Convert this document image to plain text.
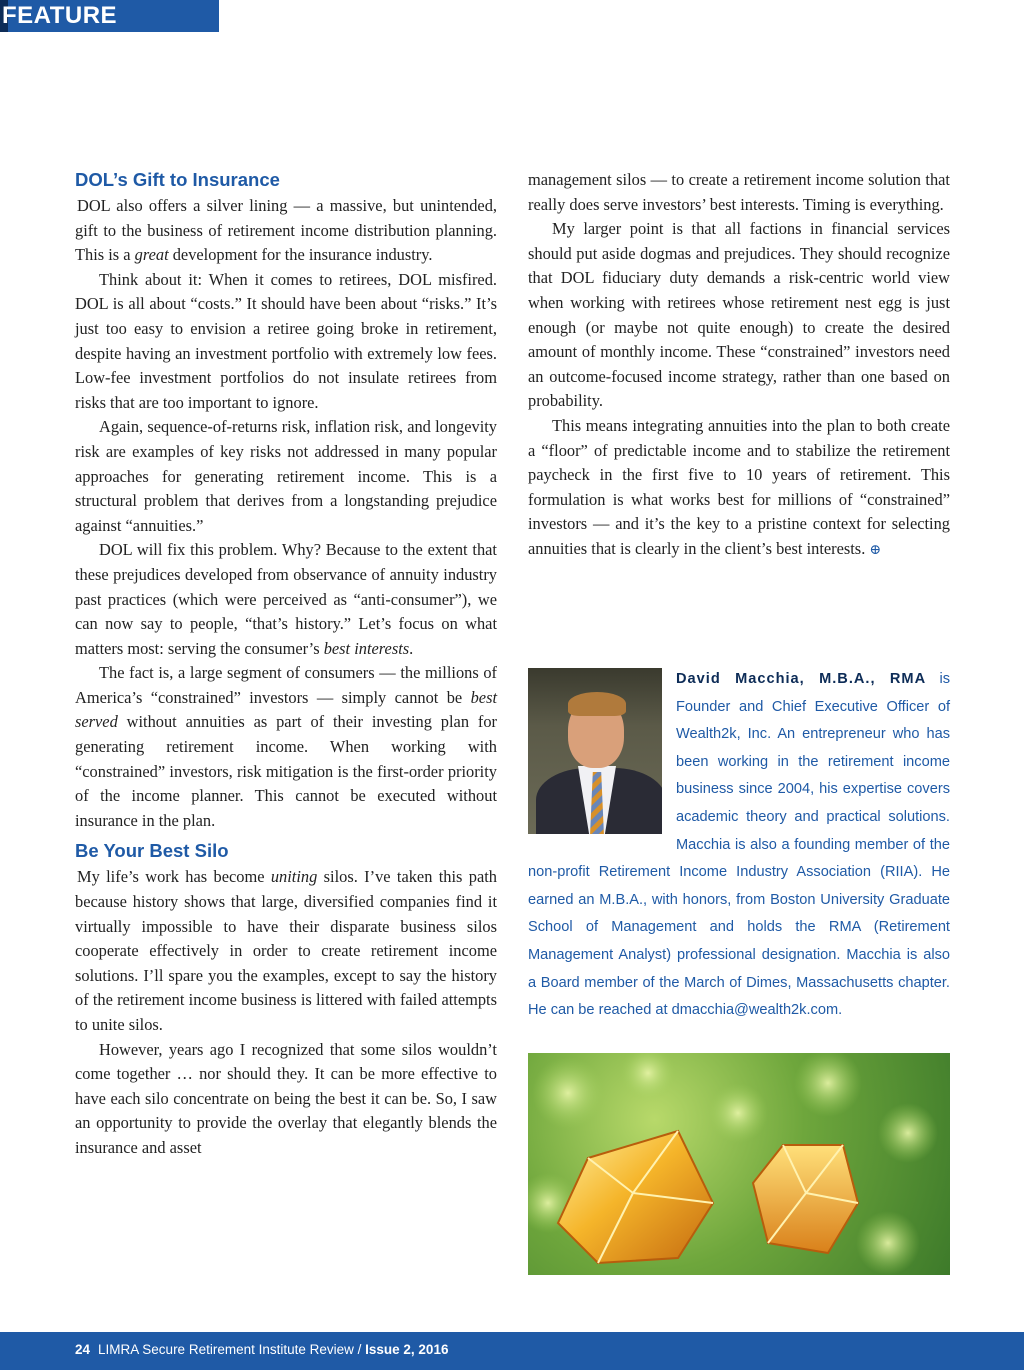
FEATURE
DOL’s Gift to Insurance

DOL also offers a silver lining — a massive, but unintended, gift to the business of retirement income distribution planning. This is a great development for the insurance industry.

Think about it: When it comes to retirees, DOL misfired. DOL is all about “costs.” It should have been about “risks.” It’s just too easy to envision a retiree going broke in retirement, despite having an investment portfolio with extremely low fees. Low-fee investment portfolios do not insulate retirees from risks that are too important to ignore.

Again, sequence-of-returns risk, inflation risk, and longevity risk are examples of key risks not addressed in many popular approaches for generating retirement income. This is a structural problem that derives from a longstanding prejudice against “annuities.”

DOL will fix this problem. Why? Because to the extent that these prejudices developed from observance of annuity industry past practices (which were perceived as “anti-consumer”), we can now say to people, “that’s history.” Let’s focus on what matters most: serving the consumer’s best interests.

The fact is, a large segment of consumers — the millions of America’s “constrained” investors — simply cannot be best served without annuities as part of their investing plan for generating retirement income. When working with “constrained” investors, risk mitigation is the first-order priority of the income planner. This cannot be executed without insurance in the plan.

Be Your Best Silo

My life’s work has become uniting silos. I’ve taken this path because history shows that large, diversified companies find it virtually impossible to have their disparate business silos cooperate effectively in order to create retirement income solutions. I’ll spare you the examples, except to say the history of the retirement income business is littered with failed attempts to unite silos.

However, years ago I recognized that some silos wouldn’t come together … nor should they. It can be more effective to have each silo concentrate on being the best it can be. So, I saw an opportunity to provide the overlay that elegantly blends the insurance and asset

management silos — to create a retirement income solution that really does serve investors’ best interests. Timing is everything.

My larger point is that all factions in financial services should put aside dogmas and prejudices. They should recognize that DOL fiduciary duty demands a risk-centric world view when working with retirees whose retirement nest egg is just enough (or maybe not quite enough) to create the desired amount of monthly income. These “constrained” investors need an outcome-focused income strategy, rather than one based on probability.

This means integrating annuities into the plan to both create a “floor” of predictable income and to stabilize the retirement paycheck in the first five to 10 years of retirement. This formulation is what works best for millions of “constrained” investors — and it’s the key to a pristine context for selecting annuities that is clearly in the client’s best interests. ⊕

David Macchia, M.B.A., RMA is Founder and Chief Executive Officer of Wealth2k, Inc. An entrepreneur who has been working in the retirement income business since 2004, his expertise covers academic theory and practical solutions. Macchia is also a founding member of the non-profit Retirement Income Industry Association (RIIA). He earned an M.B.A., with honors, from Boston University Graduate School of Management and holds the RMA (Retirement Management Analyst) professional designation. Macchia is also a Board member of the March of Dimes, Massachusetts chapter. He can be reached at dmacchia@wealth2k.com.
24 LIMRA Secure Retirement Institute Review / Issue 2, 2016
